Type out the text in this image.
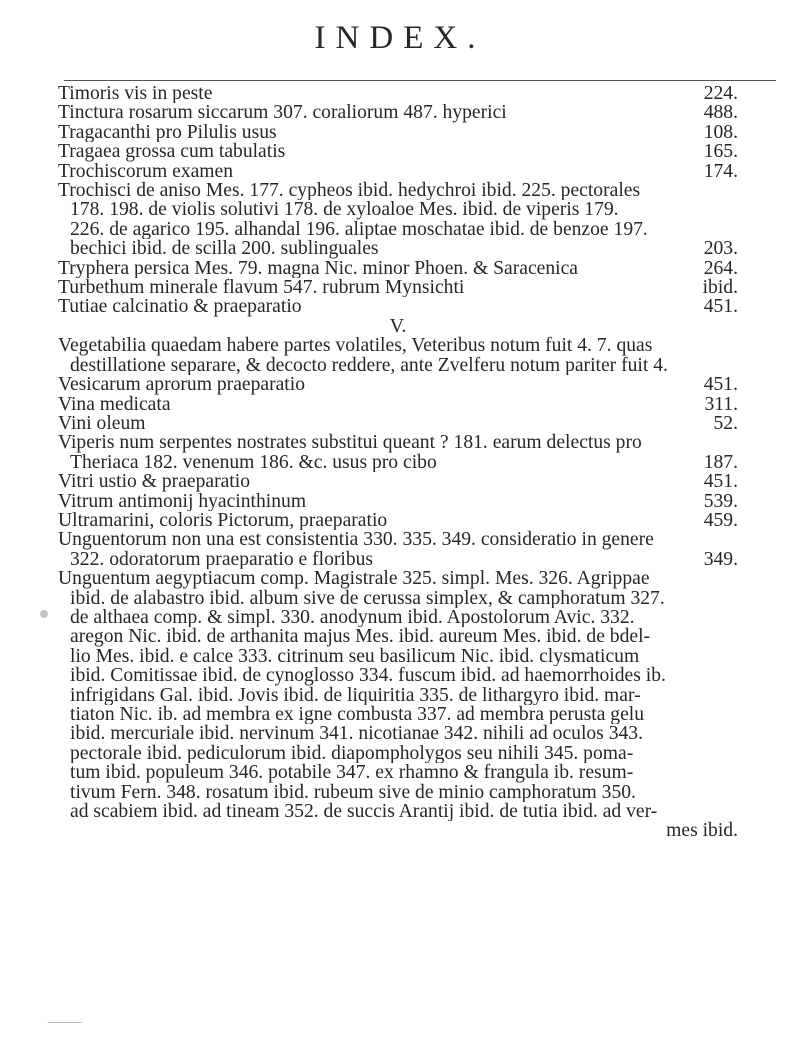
INDEX.
Timoris vis in peste	224.
Tinctura rosarum siccarum 307. coraliorum 487. hyperici	488.
Tragacanthi pro Pilulis usus	108.
Tragaea grossa cum tabulatis	165.
Trochiscorum examen	174.
Trochisci de aniso Mes. 177. cypheos ibid. hedychroi ibid. 225. pectorales
178. 198. de violis solutivi 178. de xyloaloe Mes. ibid. de viperis 179.
226. de agarico 195. alhandal 196. aliptae moschatae ibid. de benzoe 197.
bechici ibid. de scilla 200. sublinguales	203.
Tryphera persica Mes. 79. magna Nic. minor Phoen. & Saracenica	264.
Turbethum minerale flavum 547. rubrum Mynsichti	ibid.
Tutiae calcinatio & praeparatio	451.
V.
Vegetabilia quaedam habere partes volatiles, Veteribus notum fuit 4. 7. quas
destillatione separare, & decocto reddere, ante Zvelferu notum pariter fuit 4.
Vesicarum aprorum praeparatio	451.
Vina medicata	311.
Vini oleum	52.
Viperis num serpentes nostrates substitui queant ? 181. earum delectus pro
Theriaca 182. venenum 186. &c. usus pro cibo	187.
Vitri ustio & praeparatio	451.
Vitrum antimonij hyacinthinum	539.
Ultramarini, coloris Pictorum, praeparatio	459.
Unguentorum non una est consistentia 330. 335. 349. consideratio in genere
322. odoratorum praeparatio e floribus	349.
Unguentum aegyptiacum comp. Magistrale 325. simpl. Mes. 326. Agrippae
ibid. de alabastro ibid. album sive de cerussa simplex, & camphoratum 327.
de althaea comp. & simpl. 330. anodynum ibid. Apostolorum Avic. 332.
aregon Nic. ibid. de arthanita majus Mes. ibid. aureum Mes. ibid. de bdel-
lio Mes. ibid. e calce 333. citrinum seu basilicum Nic. ibid. clysmaticum
ibid. Comitissae ibid. de cynoglosso 334. fuscum ibid. ad haemorrhoides ib.
infrigidans Gal. ibid. Jovis ibid. de liquiritia 335. de lithargyro ibid. mar-
tiaton Nic. ib. ad membra ex igne combusta 337. ad membra perusta gelu
ibid. mercuriale ibid. nervinum 341. nicotianae 342. nihili ad oculos 343.
pectorale ibid. pediculorum ibid. diapompholygos seu nihili 345. poma-
tum ibid. populeum 346. potabile 347. ex rhamno & frangula ib. resum-
tivum Fern. 348. rosatum ibid. rubeum sive de minio camphoratum 350.
ad scabiem ibid. ad tineam 352. de succis Arantij ibid. de tutia ibid. ad ver-
mes ibid.
